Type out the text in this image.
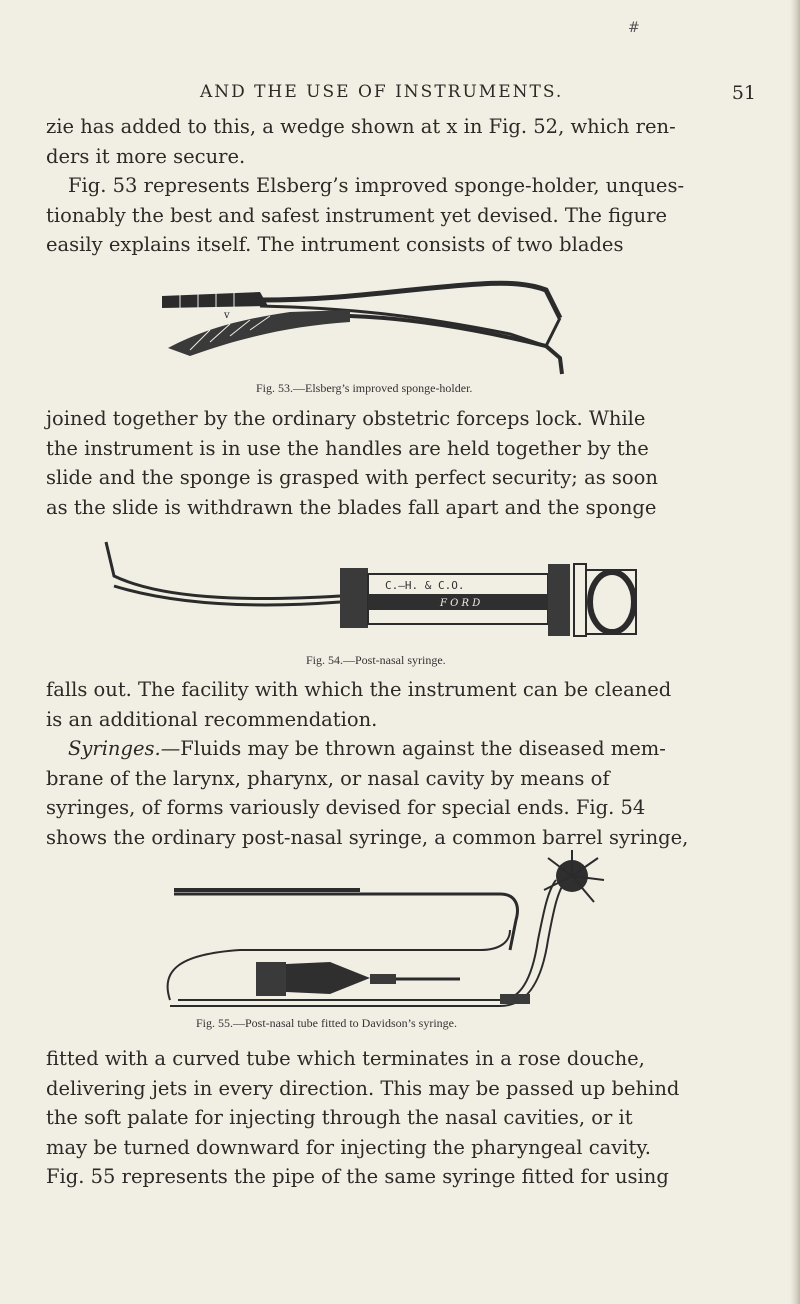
#
AND THE USE OF INSTRUMENTS.	51
zie has added to this, a wedge shown at x in Fig. 52, which ren-
ders it more secure.
Fig. 53 represents Elsberg’s improved sponge-holder, unques-
tionably the best and safest instrument yet devised. The figure
easily explains itself. The intrument consists of two blades
v
Fig. 53.—Elsberg’s improved sponge-holder.
joined together by the ordinary obstetric forceps lock. While
the instrument is in use the handles are held together by the
slide and the sponge is grasped with perfect security; as soon
as the slide is withdrawn the blades fall apart and the sponge
C.—H. & C.O.
F O R D
Fig. 54.—Post-nasal syringe.
falls out. The facility with which the instrument can be cleaned
is an additional recommendation.
Syringes.—Fluids may be thrown against the diseased mem-
brane of the larynx, pharynx, or nasal cavity by means of
syringes, of forms variously devised for special ends. Fig. 54
shows the ordinary post-nasal syringe, a common barrel syringe,
Fig. 55.—Post-nasal tube fitted to Davidson’s syringe.
fitted with a curved tube which terminates in a rose douche,
delivering jets in every direction. This may be passed up behind
the soft palate for injecting through the nasal cavities, or it
may be turned downward for injecting the pharyngeal cavity.
Fig. 55 represents the pipe of the same syringe fitted for using
